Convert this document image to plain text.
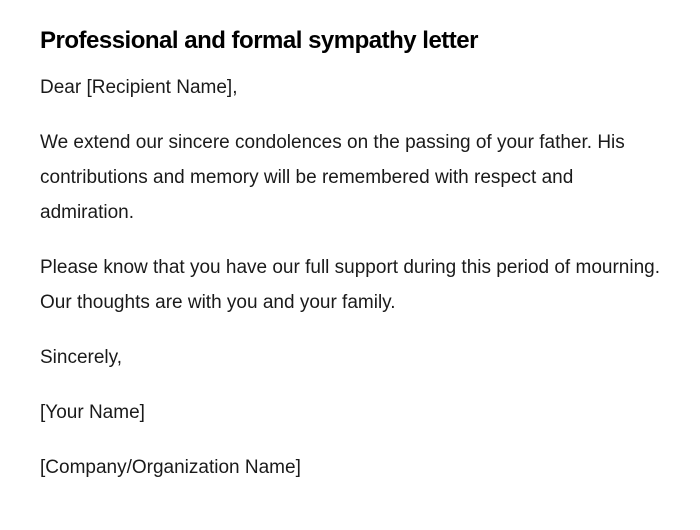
Professional and formal sympathy letter

Dear [Recipient Name],

We extend our sincere condolences on the passing of your father. His contributions and memory will be remembered with respect and admiration.

Please know that you have our full support during this period of mourning. Our thoughts are with you and your family.

Sincerely,

[Your Name]

[Company/Organization Name]
